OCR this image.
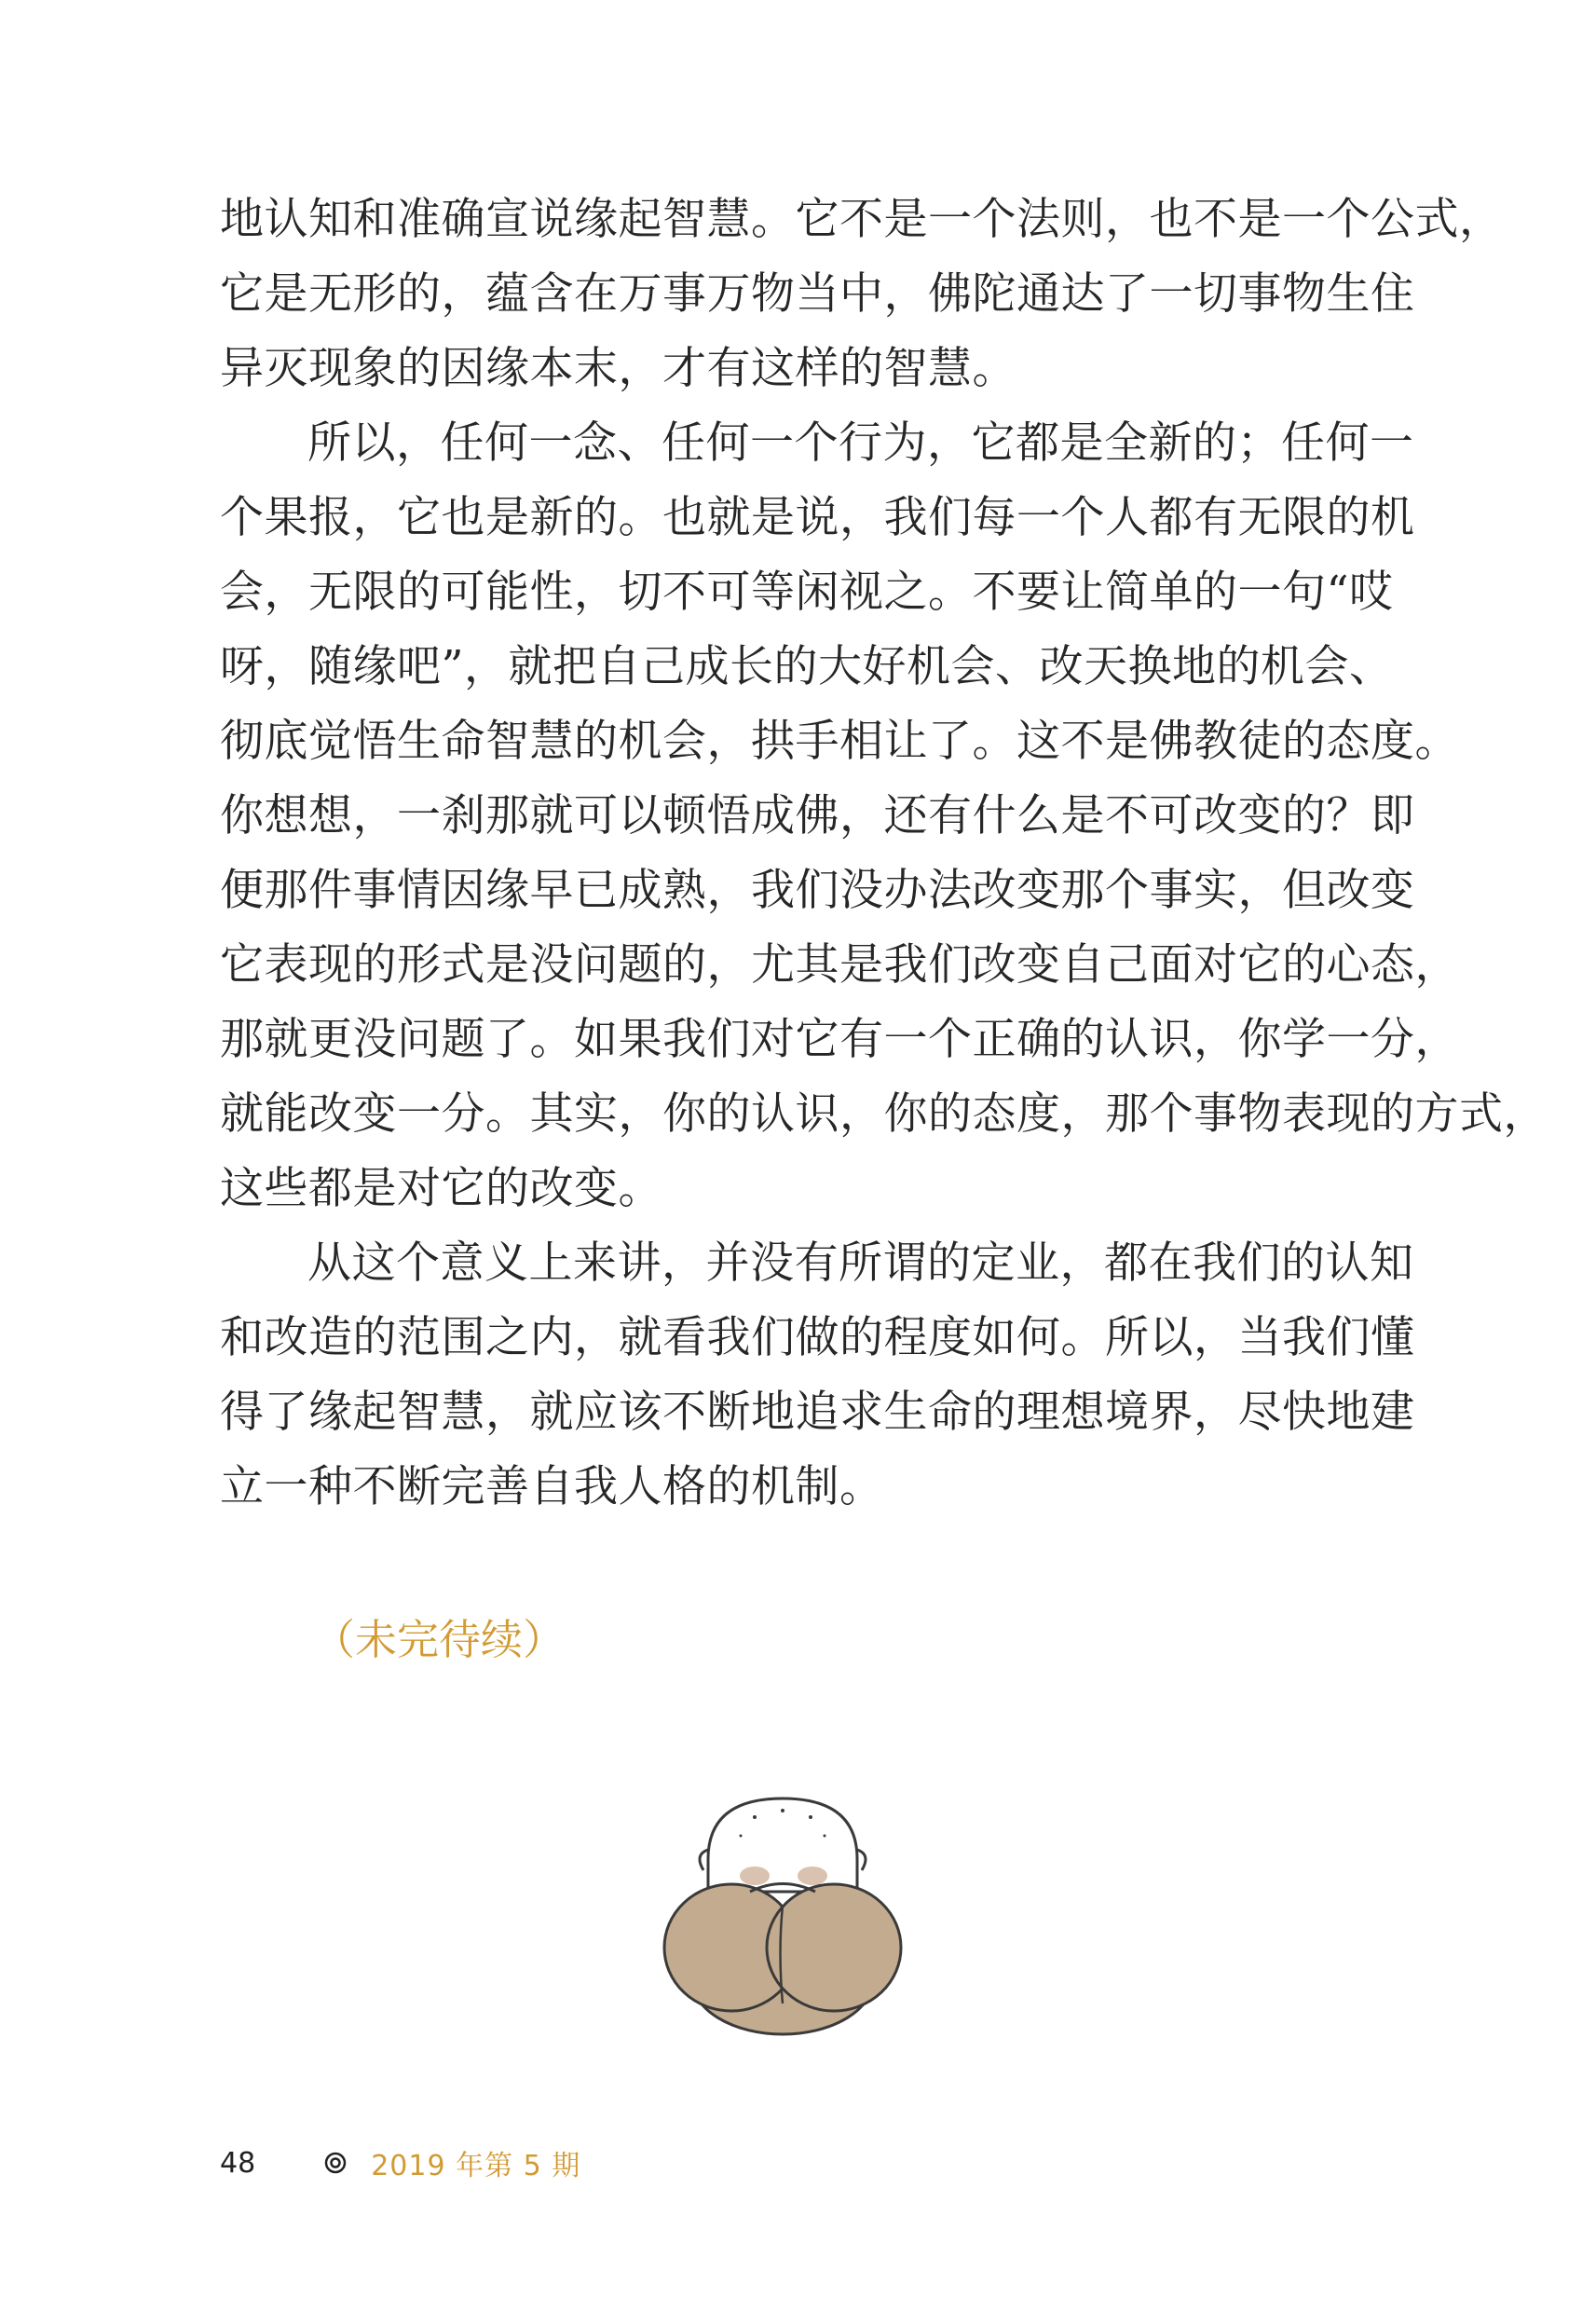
地认知和准确宣说缘起智慧。它不是一个法则，也不是一个公式，
它是无形的，蕴含在万事万物当中，佛陀通达了一切事物生住
异灭现象的因缘本末，才有这样的智慧。
所以，任何一念、任何一个行为，它都是全新的；任何一
个果报，它也是新的。也就是说，我们每一个人都有无限的机
会，无限的可能性，切不可等闲视之。不要让简单的一句“哎
呀，随缘吧”，就把自己成长的大好机会、改天换地的机会、
彻底觉悟生命智慧的机会，拱手相让了。这不是佛教徒的态度。
你想想，一刹那就可以顿悟成佛，还有什么是不可改变的？即
便那件事情因缘早已成熟，我们没办法改变那个事实，但改变
它表现的形式是没问题的，尤其是我们改变自己面对它的心态，
那就更没问题了。如果我们对它有一个正确的认识，你学一分，
就能改变一分。其实，你的认识，你的态度，那个事物表现的方式，
这些都是对它的改变。
从这个意义上来讲，并没有所谓的定业，都在我们的认知
和改造的范围之内，就看我们做的程度如何。所以，当我们懂
得了缘起智慧，就应该不断地追求生命的理想境界，尽快地建
立一种不断完善自我人格的机制。
（未完待续）
48	2019 年第 5 期
